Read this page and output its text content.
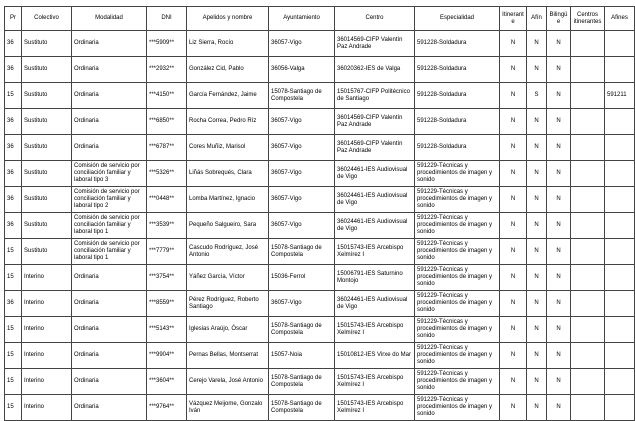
Pr	Colectivo	Modalidad	DNI	Apelidos y nombre	Ayuntamiento	Centro	Especialidad	Itinerante	Afín	Bilingüe	Centros itinerantes	Afines
36	Sustituto	Ordinaria	***5909**	Liz Sierra, Rocío	36057-Vigo	36014569-CIFP Valentín Paz Andrade	591228-Soldadura	N	N	N		
36	Sustituto	Ordinaria	***2932**	González Cid, Pablo	36056-Valga	36020362-IES de Valga	591228-Soldadura	N	N	N		
15	Sustituto	Ordinaria	***4150**	García Fernández, Jaime	15078-Santiago de Compostela	15015767-CIFP Politécnico de Santiago	591228-Soldadura	N	S	N		591211
36	Sustituto	Ordinaria	***6850**	Rocha Correa, Pedro Ríz	36057-Vigo	36014569-CIFP Valentín Paz Andrade	591228-Soldadura	N	N	N		
36	Sustituto	Ordinaria	***6787**	Cores Muñiz, Marisol	36057-Vigo	36014569-CIFP Valentín Paz Andrade	591228-Soldadura	N	N	N		
36	Sustituto	Comisión de servicio por conciliación familiar y laboral tipo 3	***5326**	Liñás Sobrequés, Clara	36057-Vigo	36024461-IES Audiovisual de Vigo	591229-Técnicas y procedimientos de imagen y sonido	N	N	N		
36	Sustituto	Comisión de servicio por conciliación familiar y laboral tipo 2	***0448**	Lomba Martínez, Ignacio	36057-Vigo	36024461-IES Audiovisual de Vigo	591229-Técnicas y procedimientos de imagen y sonido	N	N	N		
36	Sustituto	Comisión de servicio por conciliación familiar y laboral tipo 1	***3539**	Pequeño Salgueiro, Sara	36057-Vigo	36024461-IES Audiovisual de Vigo	591229-Técnicas y procedimientos de imagen y sonido	N	N	N		
15	Sustituto	Comisión de servicio por conciliación familiar y laboral tipo 1	***7779**	Cascudo Rodríguez, José Antonio	15078-Santiago de Compostela	15015743-IES Arcebispo Xelmírez I	591229-Técnicas y procedimientos de imagen y sonido	N	N	N		
15	Interino	Ordinaria	***3754**	Yáñez García, Víctor	15036-Ferrol	15006791-IES Saturnino Montojo	591229-Técnicas y procedimientos de imagen y sonido	N	N	N		
36	Interino	Ordinaria	***8559**	Pérez Rodríguez, Roberto Santiago	36057-Vigo	36024461-IES Audiovisual de Vigo	591229-Técnicas y procedimientos de imagen y sonido	N	N	N		
15	Interino	Ordinaria	***5143**	Iglesias Araújo, Óscar	15078-Santiago de Compostela	15015743-IES Arcebispo Xelmírez I	591229-Técnicas y procedimientos de imagen y sonido	N	N	N		
15	Interino	Ordinaria	***9904**	Pernas Bellas, Montserrat	15057-Noia	15010812-IES Virxe do Mar	591229-Técnicas y procedimientos de imagen y sonido	N	N	N		
15	Interino	Ordinaria	***3604**	Cerejo Varela, José Antonio	15078-Santiago de Compostela	15015743-IES Arcebispo Xelmírez I	591229-Técnicas y procedimientos de imagen y sonido	N	N	N		
15	Interino	Ordinaria	***9764**	Vázquez Meijome, Gonzalo Iván	15078-Santiago de Compostela	15015743-IES Arcebispo Xelmírez I	591229-Técnicas y procedimientos de imagen y sonido	N	N	N		
